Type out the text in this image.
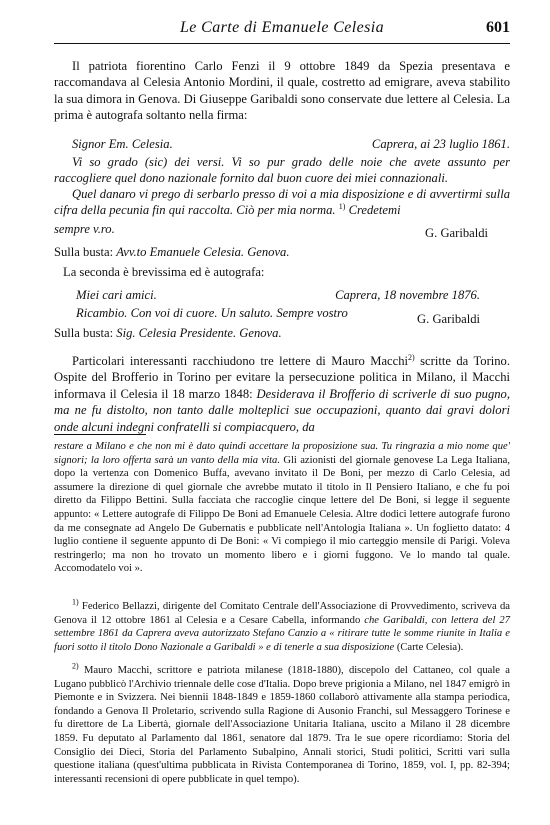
Le Carte di Emanuele Celesia	601

Il patriota fiorentino Carlo Fenzi il 9 ottobre 1849 da Spezia presentava e raccomandava al Celesia Antonio Mordini, il quale, costretto ad emigrare, aveva stabilito la sua dimora in Genova. Di Giuseppe Garibaldi sono conservate due lettere al Celesia. La prima è autografa soltanto nella firma:

Signor Em. Celesia.	Caprera, ai 23 luglio 1861.

Vi so grado (sic) dei versi. Vi so pur grado delle noie che avete assunto per raccogliere quel dono nazionale fornito dal buon cuore dei miei connazionali.

Quel danaro vi prego di serbarlo presso di voi a mia disposizione e di avvertirmi sulla cifra della pecunia fin qui raccolta. Ciò per mia norma. $^{1)}$ Credetemi
sempre v.ro.	G. Garibaldi
Sulla busta: Avv.to Emanuele Celesia. Genova.

La seconda è brevissima ed è autografa:

Miei cari amici.	Caprera, 18 novembre 1876.
Ricambio. Con voi di cuore. Un saluto. Sempre vostro	G. Garibaldi
Sulla busta: Sig. Celesia Presidente. Genova.
Particolari interessanti racchiudono tre lettere di Mauro Macchi$^{2)}$ scritte da Torino. Ospite del Brofferio in Torino per evitare la persecuzione politica in Milano, il Macchi informava il Celesia il 18 marzo 1848: Desiderava il Brofferio di scriverle di suo pugno, ma ne fu distolto, non tanto dalle molteplici sue occupazioni, quanto dai gravi dolori onde alcuni indegni confratelli si compiacquero, da
restare a Milano e che non mi è dato quindi accettare la proposizione sua. Tu ringrazia a mio nome que' signori; la loro offerta sarà un vanto della mia vita. Gli azionisti del giornale genovese La Lega Italiana, dopo la vertenza con Domenico Buffa, avevano invitato il De Boni, per mezzo di Carlo Celesia, ad assumere la direzione di quel giornale che avrebbe mutato il titolo in Il Pensiero Italiano, e che fu poi diretto da Filippo Bettini. Sulla facciata che raccoglie cinque lettere del De Boni, si legge il seguente appunto: « Lettere autografe di Filippo De Boni ad Emanuele Celesia. Altre dodici lettere autografe furono da me consegnate ad Angelo De Gubernatis e pubblicate nell'Antologia Italiana ». Un foglietto datato: 4 luglio contiene il seguente appunto di De Boni: « Vi compiego il mio carteggio mensile di Parigi. Voleva restringerlo; ma non ho trovato un momento libero e i giorni fuggono. Ve lo mando tal quale. Accomodatelo voi ».
$^{1)}$ Federico Bellazzi, dirigente del Comitato Centrale dell'Associazione di Provvedimento, scriveva da Genova il 12 ottobre 1861 al Celesia e a Cesare Cabella, informando che Garibaldi, con lettera del 27 settembre 1861 da Caprera aveva autorizzato Stefano Canzio a « ritirare tutte le somme riunite in Italia e fuori sotto il titolo Dono Nazionale a Garibaldi » e di tenerle a sua disposizione (Carte Celesia).
$^{2)}$ Mauro Macchi, scrittore e patriota milanese (1818-1880), discepolo del Cattaneo, col quale a Lugano pubblicò l'Archivio triennale delle cose d'Italia. Dopo breve prigionia a Milano, nel 1847 emigrò in Piemonte e in Svizzera. Nei biennii 1848-1849 e 1859-1860 collaborò attivamente alla stampa periodica, fondando a Genova Il Proletario, scrivendo sulla Ragione di Ausonio Franchi, sul Messaggero Torinese e fu direttore de La Libertà, giornale dell'Associazione Unitaria Italiana, uscito a Milano il 28 dicembre 1859. Fu deputato al Parlamento dal 1861, senatore dal 1879. Tra le sue opere ricordiamo: Storia del Consiglio dei Dieci, Storia del Parlamento Subalpino, Annali storici, Studi politici, Scritti vari sulla questione italiana (quest'ultima pubblicata in Rivista Contemporanea di Torino, 1859, vol. I, pp. 82-394; interessanti recensioni di opere pubblicate in quel tempo).
